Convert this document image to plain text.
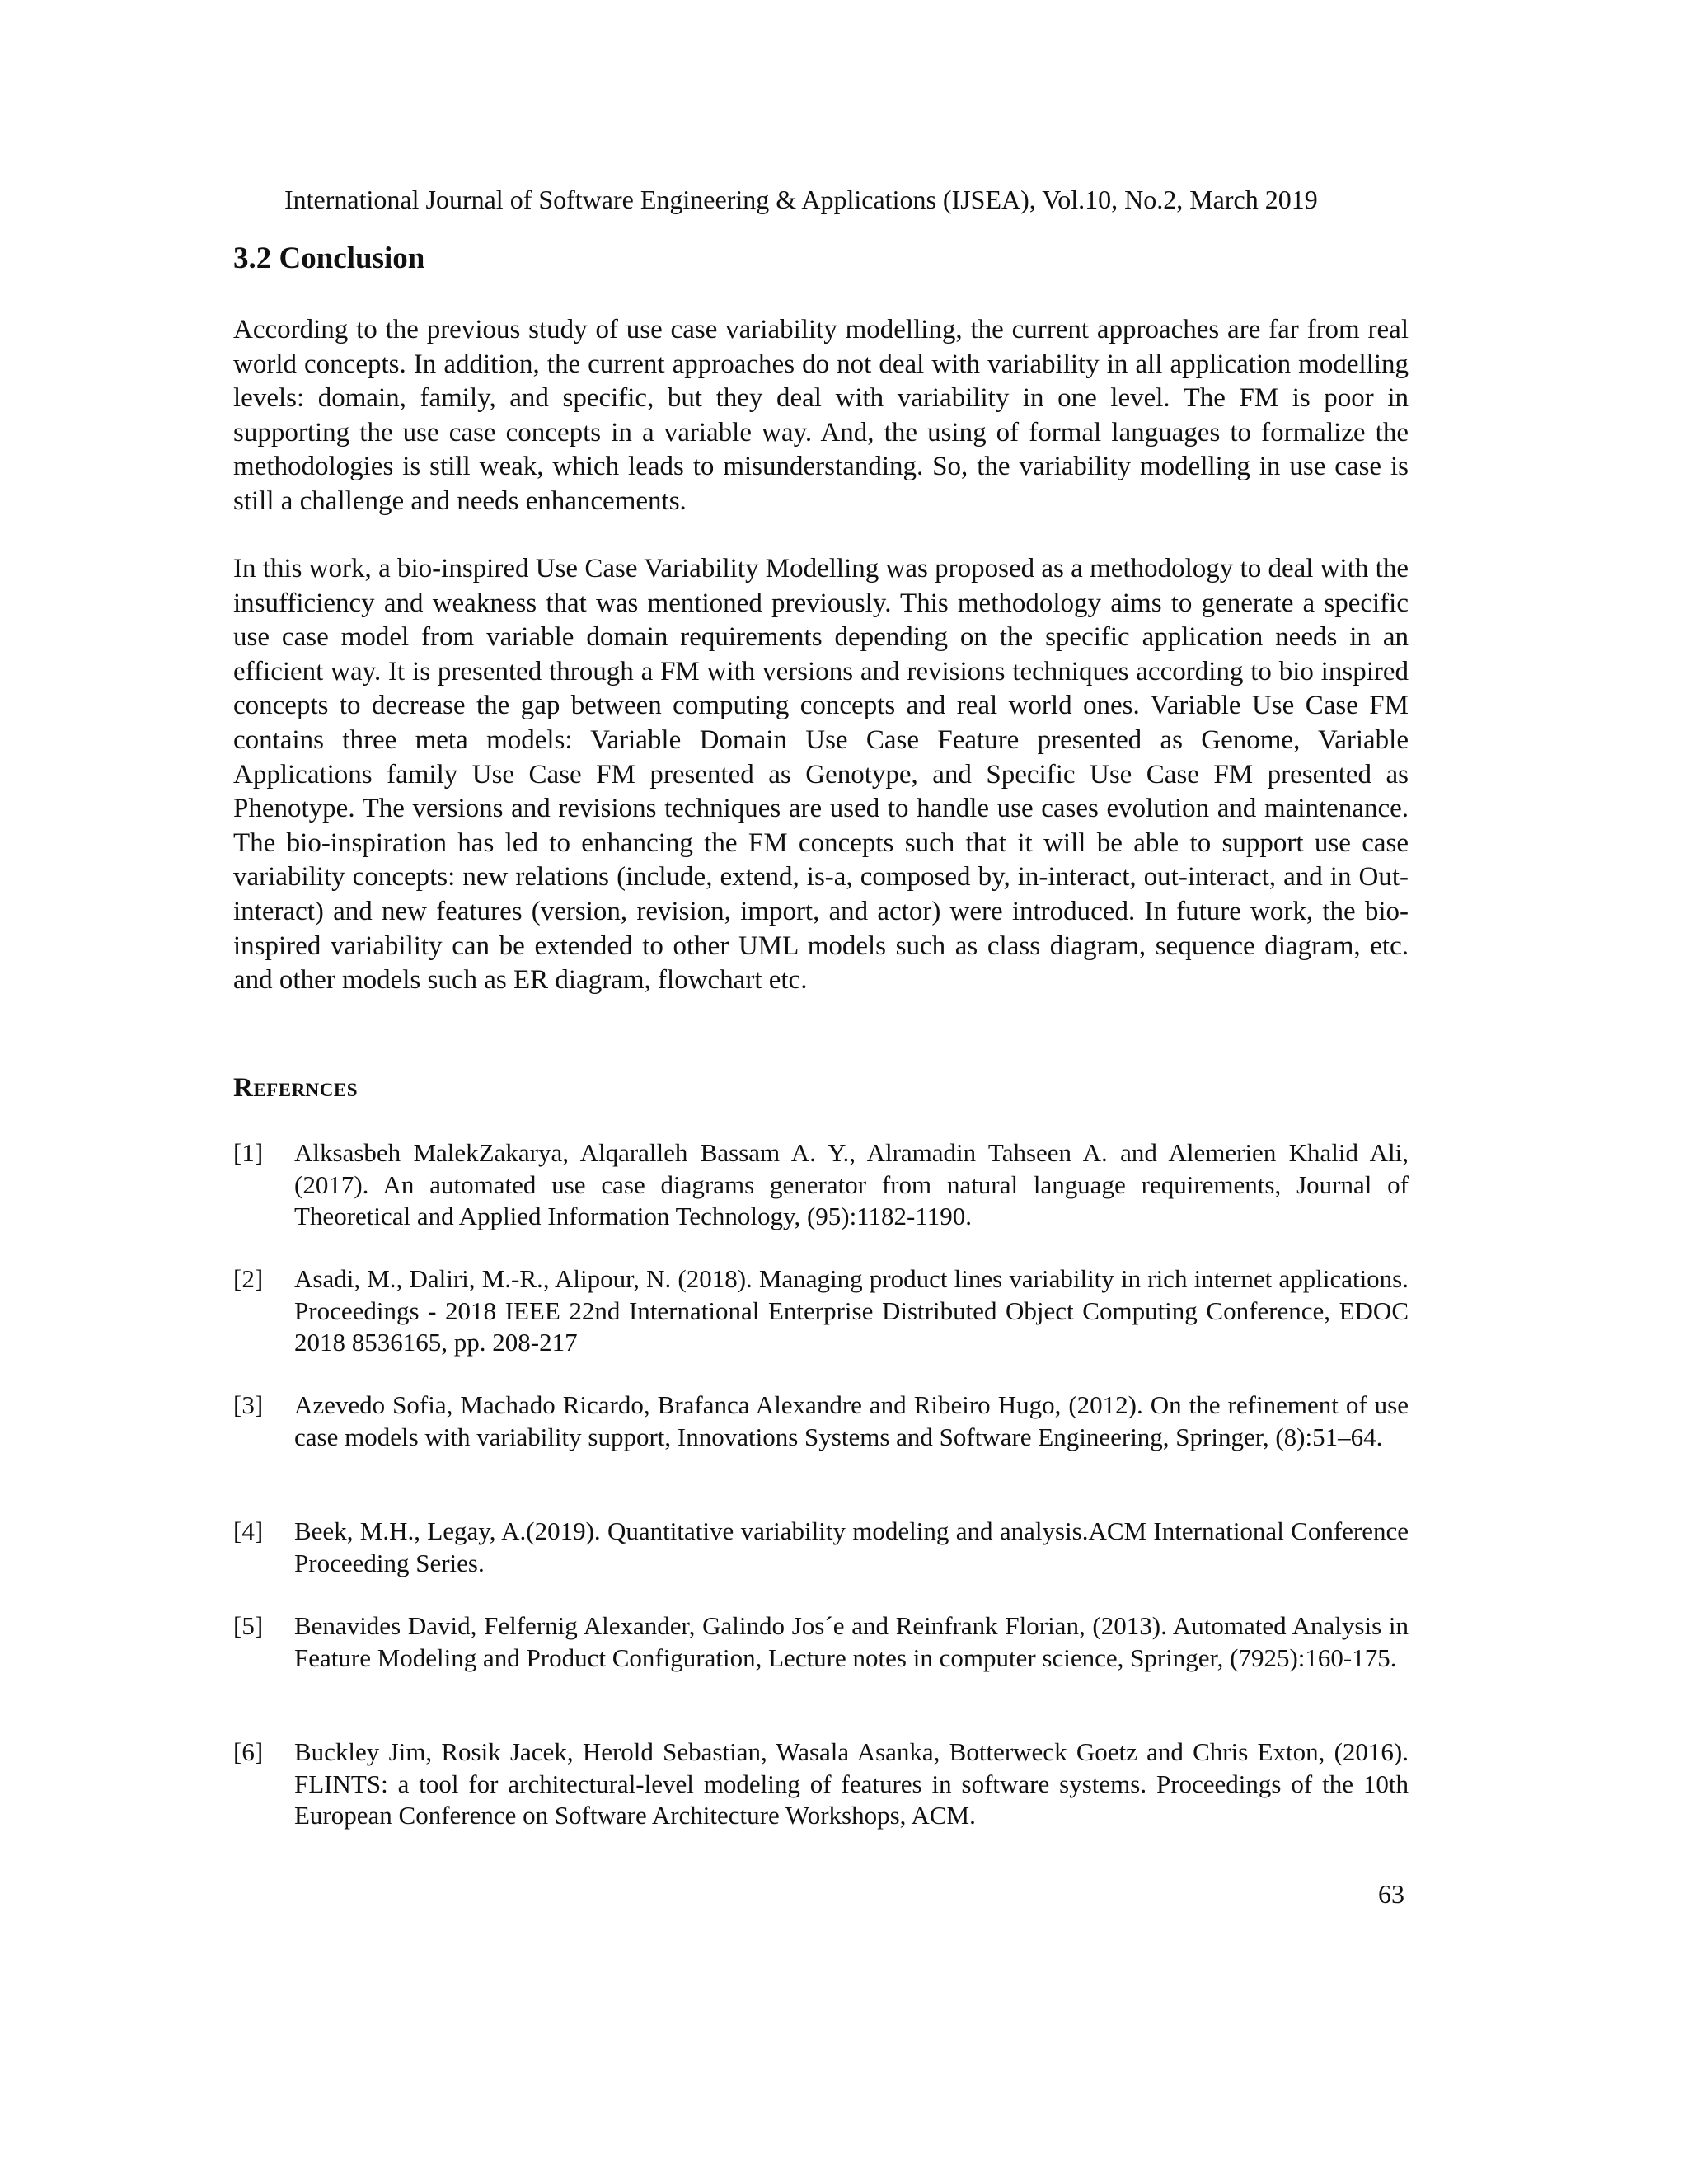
International Journal of Software Engineering & Applications (IJSEA), Vol.10, No.2, March 2019
3.2 Conclusion

According to the previous study of use case variability modelling, the current approaches are far from real world concepts. In addition, the current approaches do not deal with variability in all application modelling levels: domain, family, and specific, but they deal with variability in one level. The FM is poor in supporting the use case concepts in a variable way. And, the using of formal languages to formalize the methodologies is still weak, which leads to misunderstanding. So, the variability modelling in use case is still a challenge and needs enhancements.

In this work, a bio-inspired Use Case Variability Modelling was proposed as a methodology to deal with the insufficiency and weakness that was mentioned previously. This methodology aims to generate a specific use case model from variable domain requirements depending on the specific application needs in an efficient way. It is presented through a FM with versions and revisions techniques according to bio inspired concepts to decrease the gap between computing concepts and real world ones. Variable Use Case FM contains three meta models: Variable Domain Use Case Feature presented as Genome, Variable Applications family Use Case FM presented as Genotype, and Specific Use Case FM presented as Phenotype. The versions and revisions techniques are used to handle use cases evolution and maintenance. The bio-inspiration has led to enhancing the FM concepts such that it will be able to support use case variability concepts: new relations (include, extend, is-a, composed by, in-interact, out-interact, and in Out-interact) and new features (version, revision, import, and actor) were introduced. In future work, the bio-inspired variability can be extended to other UML models such as class diagram, sequence diagram, etc. and other models such as ER diagram, flowchart etc.

Refernces
[1]	Alksasbeh MalekZakarya, Alqaralleh Bassam A. Y., Alramadin Tahseen A. and Alemerien Khalid Ali, (2017). An automated use case diagrams generator from natural language requirements, Journal of Theoretical and Applied Information Technology, (95):1182-1190.
[2]	Asadi, M., Daliri, M.-R., Alipour, N. (2018). Managing product lines variability in rich internet applications. Proceedings - 2018 IEEE 22nd International Enterprise Distributed Object Computing Conference, EDOC 2018 8536165, pp. 208-217
[3]	Azevedo Sofia, Machado Ricardo, Brafanca Alexandre and Ribeiro Hugo, (2012). On the refinement of use case models with variability support, Innovations Systems and Software Engineering, Springer, (8):51–64.
[4]	Beek, M.H., Legay, A.(2019). Quantitative variability modeling and analysis.ACM International Conference Proceeding Series.
[5]	Benavides David, Felfernig Alexander, Galindo Jos´e and Reinfrank Florian, (2013). Automated Analysis in Feature Modeling and Product Configuration, Lecture notes in computer science, Springer, (7925):160-175.
[6]	Buckley Jim, Rosik Jacek, Herold Sebastian, Wasala Asanka, Botterweck Goetz and Chris Exton, (2016). FLINTS: a tool for architectural-level modeling of features in software systems. Proceedings of the 10th European Conference on Software Architecture Workshops, ACM.
63
